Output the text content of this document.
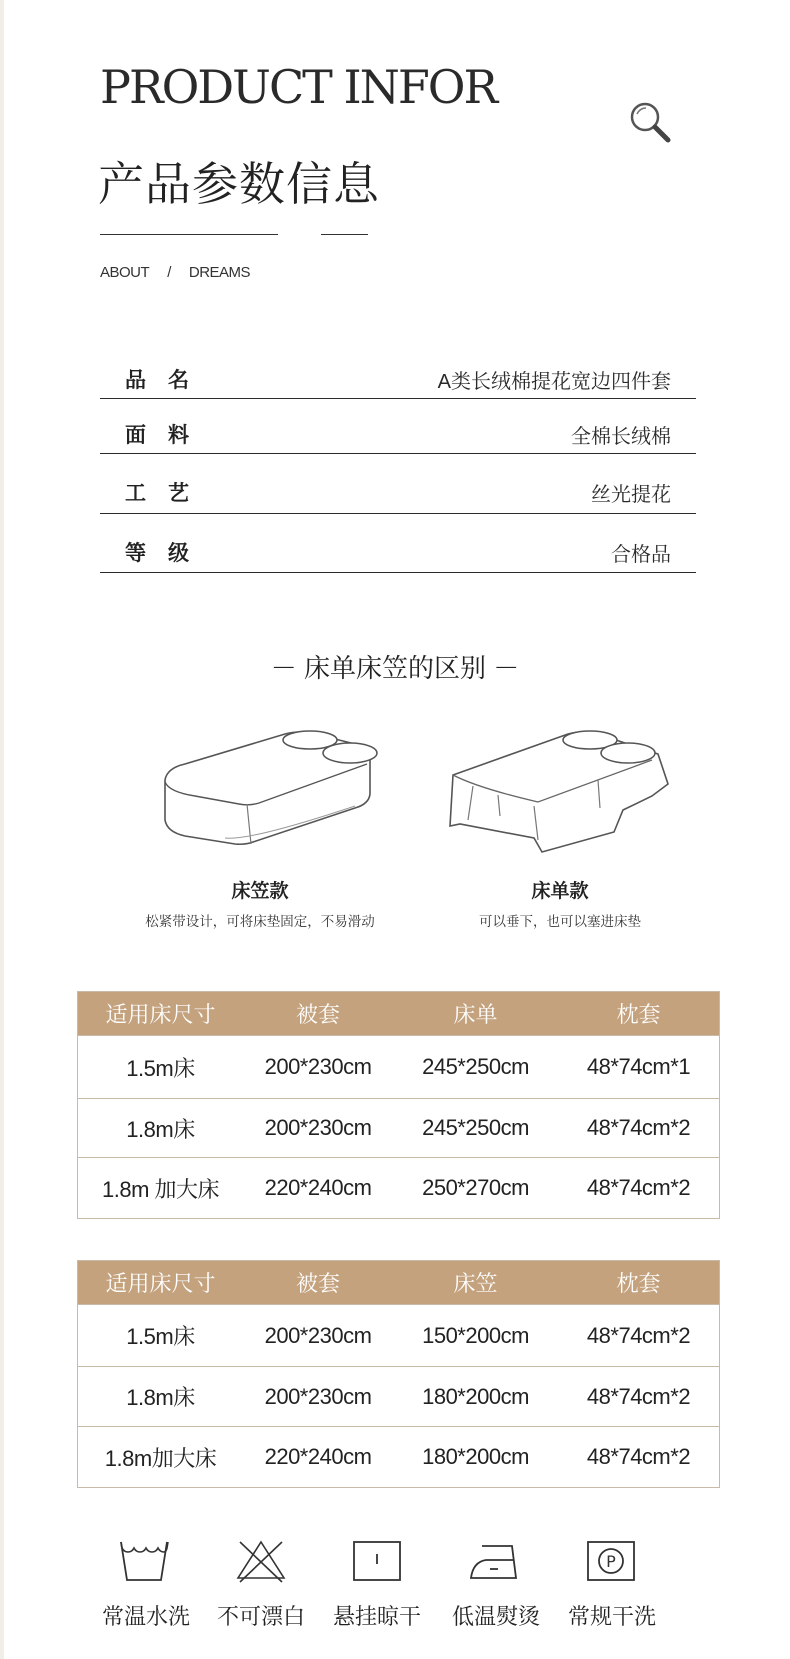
PRODUCT INFOR
产品参数信息
ABOUT / DREAMS
品名	A类长绒棉提花宽边四件套
面料	全棉长绒棉
工艺	丝光提花
等级	合格品
－ 床单床笠的区别 －
床笠款
松紧带设计，可将床垫固定，不易滑动
床单款
可以垂下，也可以塞进床垫
适用床尺寸	被套	床单	枕套
1.5m床	200*230cm	245*250cm	48*74cm*1
1.8m床	200*230cm	245*250cm	48*74cm*2
1.8m 加大床	220*240cm	250*270cm	48*74cm*2
适用床尺寸	被套	床笠	枕套
1.5m床	200*230cm	150*200cm	48*74cm*2
1.8m床	200*230cm	180*200cm	48*74cm*2
1.8m加大床	220*240cm	180*200cm	48*74cm*2
P
常温水洗 不可漂白 悬挂晾干 低温熨烫 常规干洗
